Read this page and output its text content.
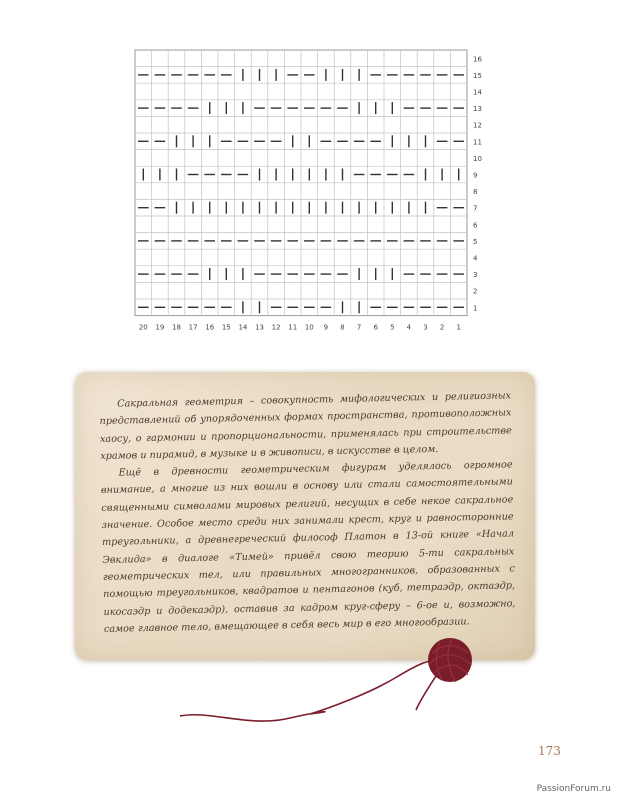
16
15
14
13
12
11
10
9
8
7
6
5
4
3
2
1
20 19 18 17 16 15 14 13 12 11 10 9 8 7 6 5 4 3 2 1

Сакральная геометрия – совокупность мифологических и религиозных представлений об упорядоченных формах пространства, противоположных хаосу, о гармонии и пропорциональности, применялась при строительстве храмов и пирамид, в музыке и в живописи, в искусстве в целом.

Ещё в древности геометрическим фигурам уделялось огромное внимание, а многие из них вошли в основу или стали самостоятельными священными символами мировых религий, несущих в себе некое сакральное значение. Особое место среди них занимали крест, круг и равносторонние треугольники, а древнегреческий философ Платон в 13-ой книге «Начал Эвклида» в диалоге «Тимей» привёл свою теорию 5-ти сакральных геометрических тел, или правильных многогранников, образованных с помощью треугольников, квадратов и пентагонов (куб, тетраэдр, октаэдр, икосаэдр и додекаэдр), оставив за кадром круг-сферу – 6-ое и, возможно, самое главное тело, вмещающее в себя весь мир в его многообразии.

173
PassionForum.ru
